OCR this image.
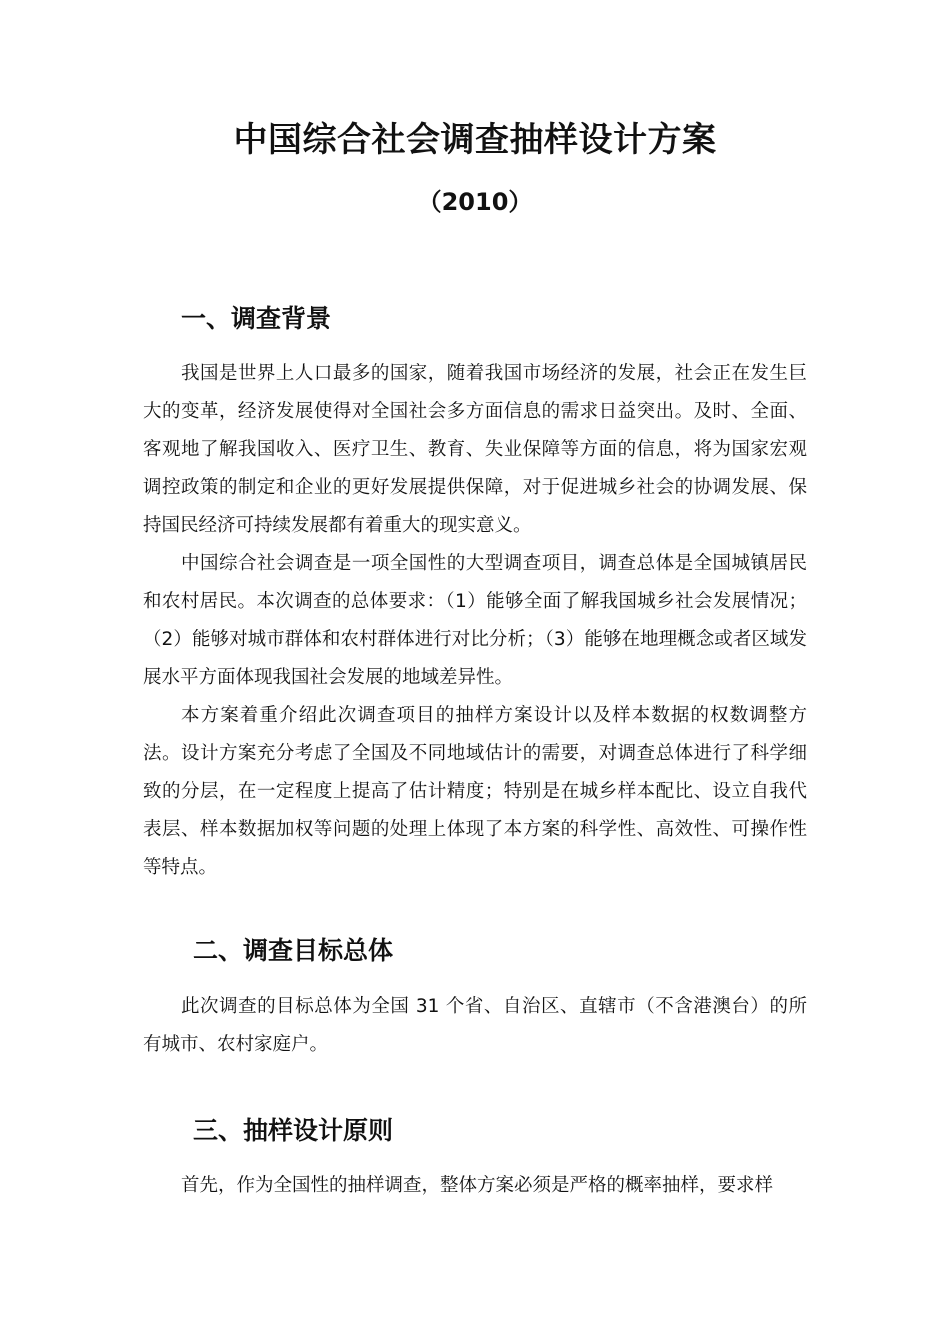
中国综合社会调查抽样设计方案
（2010）
一、调查背景

我国是世界上人口最多的国家，随着我国市场经济的发展，社会正在发生巨大的变革，经济发展使得对全国社会多方面信息的需求日益突出。及时、全面、客观地了解我国收入、医疗卫生、教育、失业保障等方面的信息，将为国家宏观调控政策的制定和企业的更好发展提供保障，对于促进城乡社会的协调发展、保持国民经济可持续发展都有着重大的现实意义。

中国综合社会调查是一项全国性的大型调查项目，调查总体是全国城镇居民和农村居民。本次调查的总体要求：（1）能够全面了解我国城乡社会发展情况；（2）能够对城市群体和农村群体进行对比分析；（3）能够在地理概念或者区域发展水平方面体现我国社会发展的地域差异性。

本方案着重介绍此次调查项目的抽样方案设计以及样本数据的权数调整方法。设计方案充分考虑了全国及不同地域估计的需要，对调查总体进行了科学细致的分层，在一定程度上提高了估计精度；特别是在城乡样本配比、设立自我代表层、样本数据加权等问题的处理上体现了本方案的科学性、高效性、可操作性等特点。

二、调查目标总体

此次调查的目标总体为全国 31 个省、自治区、直辖市（不含港澳台）的所有城市、农村家庭户。

三、抽样设计原则

首先，作为全国性的抽样调查，整体方案必须是严格的概率抽样，要求样
